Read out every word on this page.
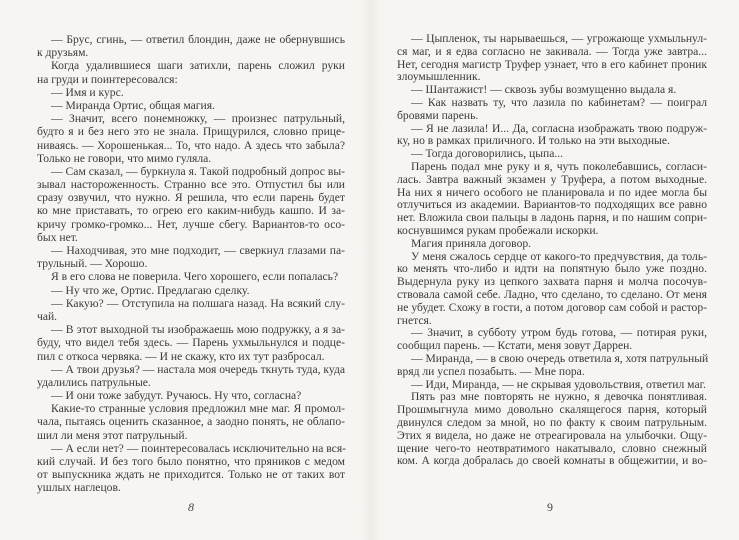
— Брус, сгинь, — ответил блондин, даже не обернувшись
к друзьям.
Когда удалившиеся шаги затихли, парень сложил руки
на груди и поинтересовался:
— Имя и курс.
— Миранда Ортис, общая магия.
— Значит, всего понемножку, — произнес патрульный,
будто я и без него это не знала. Прищурился, словно прице-
ниваясь. — Хорошенькая... То, что надо. А здесь что забыла?
Только не говори, что мимо гуляла.
— Сам сказал, — буркнула я. Такой подробный допрос вы-
зывал настороженность. Странно все это. Отпустил бы или
сразу озвучил, что нужно. Я решила, что если парень будет
ко мне приставать, то огрею его каким-нибудь кашпо. И за-
кричу громко-громко... Нет, лучше сбегу. Вариантов-то осо-
бых нет.
— Находчивая, это мне подходит, — сверкнул глазами па-
трульный. — Хорошо.
Я в его слова не поверила. Чего хорошего, если попалась?
— Ну что же, Ортис. Предлагаю сделку.
— Какую? — Отступила на полшага назад. На всякий слу-
чай.
— В этот выходной ты изображаешь мою подружку, а я за-
буду, что видел тебя здесь. — Парень ухмыльнулся и подце-
пил с откоса червяка. — И не скажу, кто их тут разбросал.
— А твои друзья? — настала моя очередь ткнуть туда, куда
удалились патрульные.
— И они тоже забудут. Ручаюсь. Ну что, согласна?
Какие-то странные условия предложил мне маг. Я промол-
чала, пытаясь оценить сказанное, а заодно понять, не облапо-
шил ли меня этот патрульный.
— А если нет? — поинтересовалась исключительно на вся-
кий случай. И без того было понятно, что пряников с медом
от выпускника ждать не приходится. Только не от таких вот
ушлых наглецов.
— Цыпленок, ты нарываешься, — угрожающе ухмыльнул-
ся маг, и я едва согласно не закивала. — Тогда уже завтра...
Нет, сегодня магистр Труфер узнает, что в его кабинет проник
злоумышленник.
— Шантажист! — сквозь зубы возмущенно выдала я.
— Как назвать ту, что лазила по кабинетам? — поиграл
бровями парень.
— Я не лазила! И... Да, согласна изображать твою подруж-
ку, но в рамках приличного. И только на эти выходные.
— Тогда договорились, цыпа...
Парень подал мне руку и я, чуть поколебавшись, согласи-
лась. Завтра важный экзамен у Труфера, а потом выходные.
На них я ничего особого не планировала и по идее могла бы
отлучиться из академии. Вариантов-то подходящих все равно
нет. Вложила свои пальцы в ладонь парня, и по нашим сопри-
коснувшимся рукам пробежали искорки.
Магия приняла договор.
У меня сжалось сердце от какого-то предчувствия, да толь-
ко менять что-либо и идти на попятную было уже поздно.
Выдернула руку из цепкого захвата парня и молча посочув-
ствовала самой себе. Ладно, что сделано, то сделано. От меня
не убудет. Схожу в гости, а потом договор сам собой и растор-
гнется.
— Значит, в субботу утром будь готова, — потирая руки,
сообщил парень. — Кстати, меня зовут Даррен.
— Миранда, — в свою очередь ответила я, хотя патрульный
вряд ли успел позабыть. — Мне пора.
— Иди, Миранда, — не скрывая удовольствия, ответил маг.
Пять раз мне повторять не нужно, я девочка понятливая.
Прошмыгнула мимо довольно скалящегося парня, который
двинулся следом за мной, но по факту к своим патрульным.
Этих я видела, но даже не отреагировала на улыбочки. Ощу-
щение чего-то неотвратимого накатывало, словно снежный
ком. А когда добралась до своей комнаты в общежитии, и во-
8	9
